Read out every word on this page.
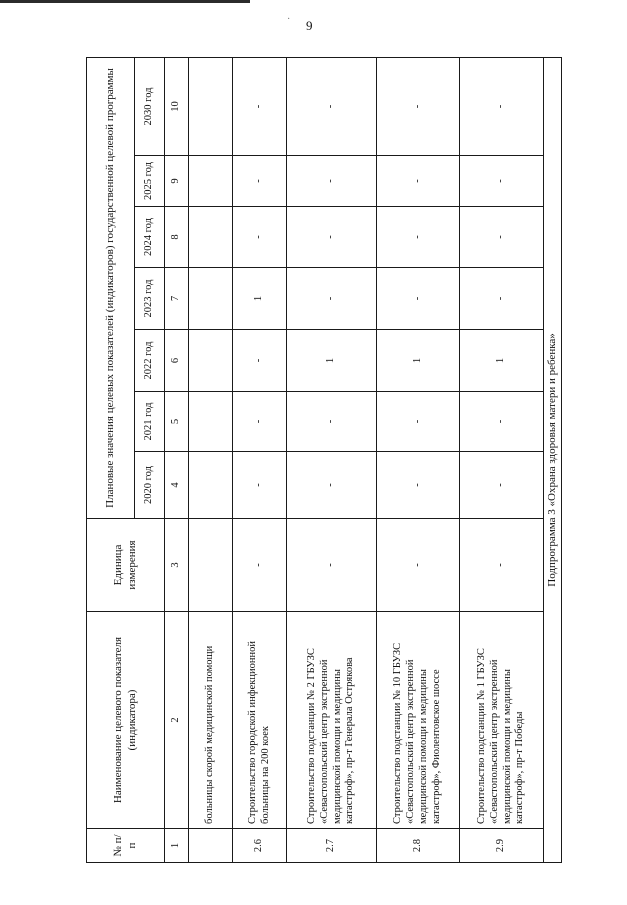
· 9
№ п/п	Наименование целевого показателя (индикатора)	Единица измерения	Плановые значения целевых показателей (индикаторов) государственной целевой программы						
			2020 год	2021 год	2022 год	2023 год	2024 год	2025 год	2030 год
1	2	3	4	5	6	7	8	9	10
	больницы скорой медицинской помощи								
2.6	Строительство городской инфекционной больницы на 200 коек	-	-	-	-	1	-	-	-
2.7	Строительство подстанции № 2 ГБУЗС «Севастопольский центр экстренной медицинской помощи и медицины катастроф», пр-т Генерала Острякова	-	-	-	1	-	-	-	-
2.8	Строительство подстанции № 10 ГБУЗС «Севастопольский центр экстренной медицинской помощи и медицины катастроф», Фиолентовское шоссе	-	-	-	1	-	-	-	-
2.9	Строительство подстанции № 1 ГБУЗС «Севастопольский центр экстренной медицинской помощи и медицины катастроф», пр-т Победы	-	-	-	1	-	-	-	-
Подпрограмма 3 «Охрана здоровья матери и ребенка»									
